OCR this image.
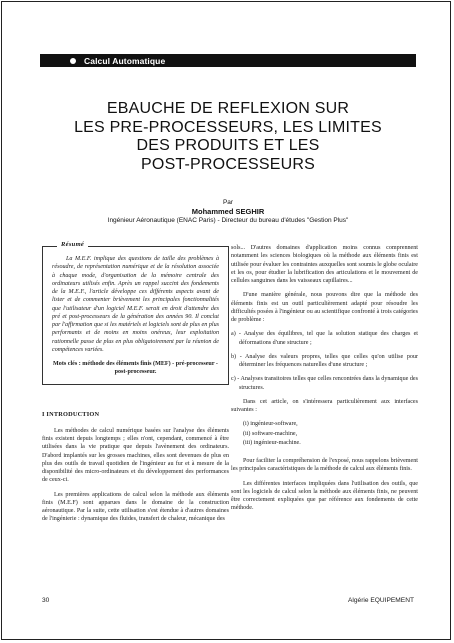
Calcul Automatique
EBAUCHE DE REFLEXION SUR
LES PRE-PROCESSEURS, LES LIMITES
DES PRODUITS ET LES
POST-PROCESSEURS
Par
Mohammed SEGHIR
Ingénieur Aéronautique (ENAC Paris) - Directeur du bureau d'études "Gestion Plus"
Résumé

La M.E.F. implique des questions de taille des problèmes à résoudre, de représentation numérique et de la résolution associée à chaque mode, d'organisation de la mémoire centrale des ordinateurs utilisés enfin. Après un rappel succint des fondements de la M.E.F., l'article développe ces différents aspects avant de lister et de commenter brièvement les principales fonctionnalités que l'utilisateur d'un logiciel M.E.F. serait en droit d'attendre des pré et post-processeurs de la génération des années 90. Il conclut par l'affirmation que si les matériels et logiciels sont de plus en plus performants et de moins en moins onéreux, leur exploitation rationnelle passe de plus en plus obligatoirement par la réunion de compétences variées.

Mots clés : méthode des éléments finis (MEF) - pré-processeur - post-processeur.

I INTRODUCTION

Les méthodes de calcul numérique basées sur l'analyse des éléments finis existent depuis longtemps ; elles n'ont, cependant, commencé à être utilisées dans la vie pratique que depuis l'avènement des ordinateurs. D'abord implantés sur les grosses machines, elles sont devenues de plus en plus des outils de travail quotidien de l'ingénieur au fur et à mesure de la disponibilité des micro-ordinateurs et du développement des performances de ceux-ci.

Les premières applications de calcul selon la méthode aux éléments finis (M.E.F) sont apparues dans le domaine de la construction aéronautique. Par la suite, cette utilisation s'est étendue à d'autres domaines de l'ingénierie : dynamique des fluides, transfert de chaleur, mécanique des

sols... D'autres domaines d'application moins connus comprennent notamment les sciences biologiques où la méthode aux éléments finis est utilisée pour évaluer les contraintes auxquelles sont soumis le globe oculaire et les os, pour étudier la lubrification des articulations et le mouvement de cellules sanguines dans les vaisseaux capillaires...

D'une manière générale, nous pouvons dire que la méthode des éléments finis est un outil particulièrement adapté pour résoudre les difficultés posées à l'ingénieur ou au scientifique confronté à trois catégories de problème :

a) - Analyse des équilibres, tel que la solution statique des charges et déformations d'une structure ;
b) - Analyse des valeurs propres, telles que celles qu'on utilise pour déterminer les fréquences naturelles d'une structure ;
c) - Analyses transitoires telles que celles rencontrées dans la dynamique des structures.

Dans cet article, on s'intéressera particulièrement aux interfaces suivantes :

(i) ingénieur-software,
(ii) software-machine,
(iii) ingénieur-machine.

Pour faciliter la compréhension de l'exposé, nous rappelons brièvement les principales caractéristiques de la méthode de calcul aux éléments finis.

Les différentes interfaces impliquées dans l'utilisation des outils, que sont les logiciels de calcul selon la méthode aux éléments finis, ne peuvent être correctement expliquées que par référence aux fondements de cette méthode.

30	Algérie EQUIPEMENT
